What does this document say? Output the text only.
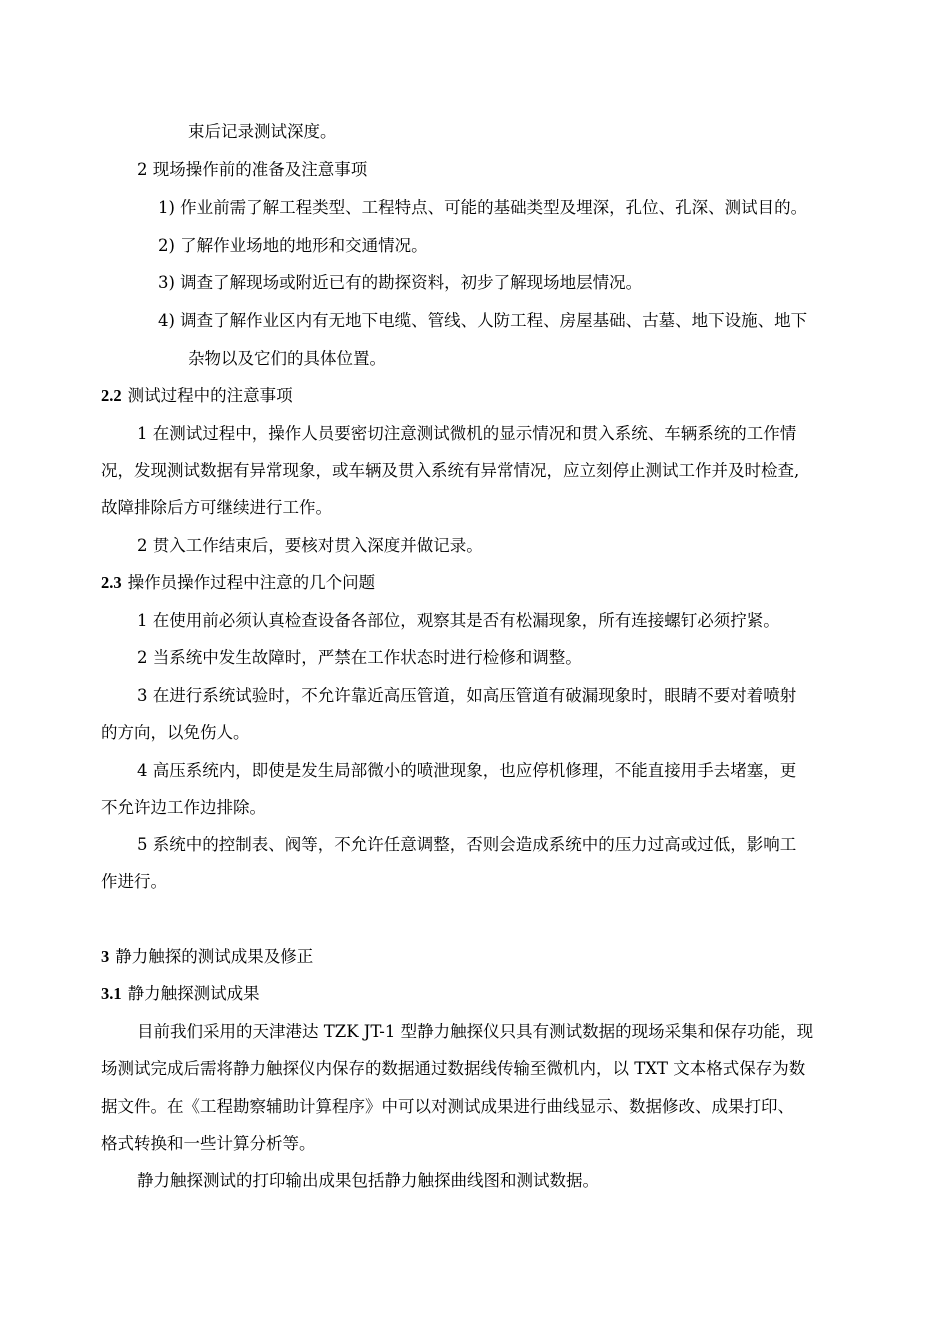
束后记录测试深度。
2 现场操作前的准备及注意事项
1) 作业前需了解工程类型、工程特点、可能的基础类型及埋深，孔位、孔深、测试目的。
2) 了解作业场地的地形和交通情况。
3) 调查了解现场或附近已有的勘探资料，初步了解现场地层情况。
4) 调查了解作业区内有无地下电缆、管线、人防工程、房屋基础、古墓、地下设施、地下
杂物以及它们的具体位置。
2.2 测试过程中的注意事项
1 在测试过程中，操作人员要密切注意测试微机的显示情况和贯入系统、车辆系统的工作情
况，发现测试数据有异常现象，或车辆及贯入系统有异常情况，应立刻停止测试工作并及时检查,
故障排除后方可继续进行工作。
2 贯入工作结束后，要核对贯入深度并做记录。
2.3 操作员操作过程中注意的几个问题
1 在使用前必须认真检查设备各部位，观察其是否有松漏现象，所有连接螺钉必须拧紧。
2 当系统中发生故障时，严禁在工作状态时进行检修和调整。
3 在进行系统试验时，不允许靠近高压管道，如高压管道有破漏现象时，眼睛不要对着喷射
的方向，以免伤人。
4 高压系统内，即使是发生局部微小的喷泄现象，也应停机修理，不能直接用手去堵塞，更
不允许边工作边排除。
5 系统中的控制表、阀等，不允许任意调整，否则会造成系统中的压力过高或过低，影响工
作进行。
3 静力触探的测试成果及修正
3.1 静力触探测试成果
目前我们采用的天津港达 TZK JT-1 型静力触探仪只具有测试数据的现场采集和保存功能，现
场测试完成后需将静力触探仪内保存的数据通过数据线传输至微机内，以 TXT 文本格式保存为数
据文件。在《工程勘察辅助计算程序》中可以对测试成果进行曲线显示、数据修改、成果打印、
格式转换和一些计算分析等。
静力触探测试的打印输出成果包括静力触探曲线图和测试数据。
